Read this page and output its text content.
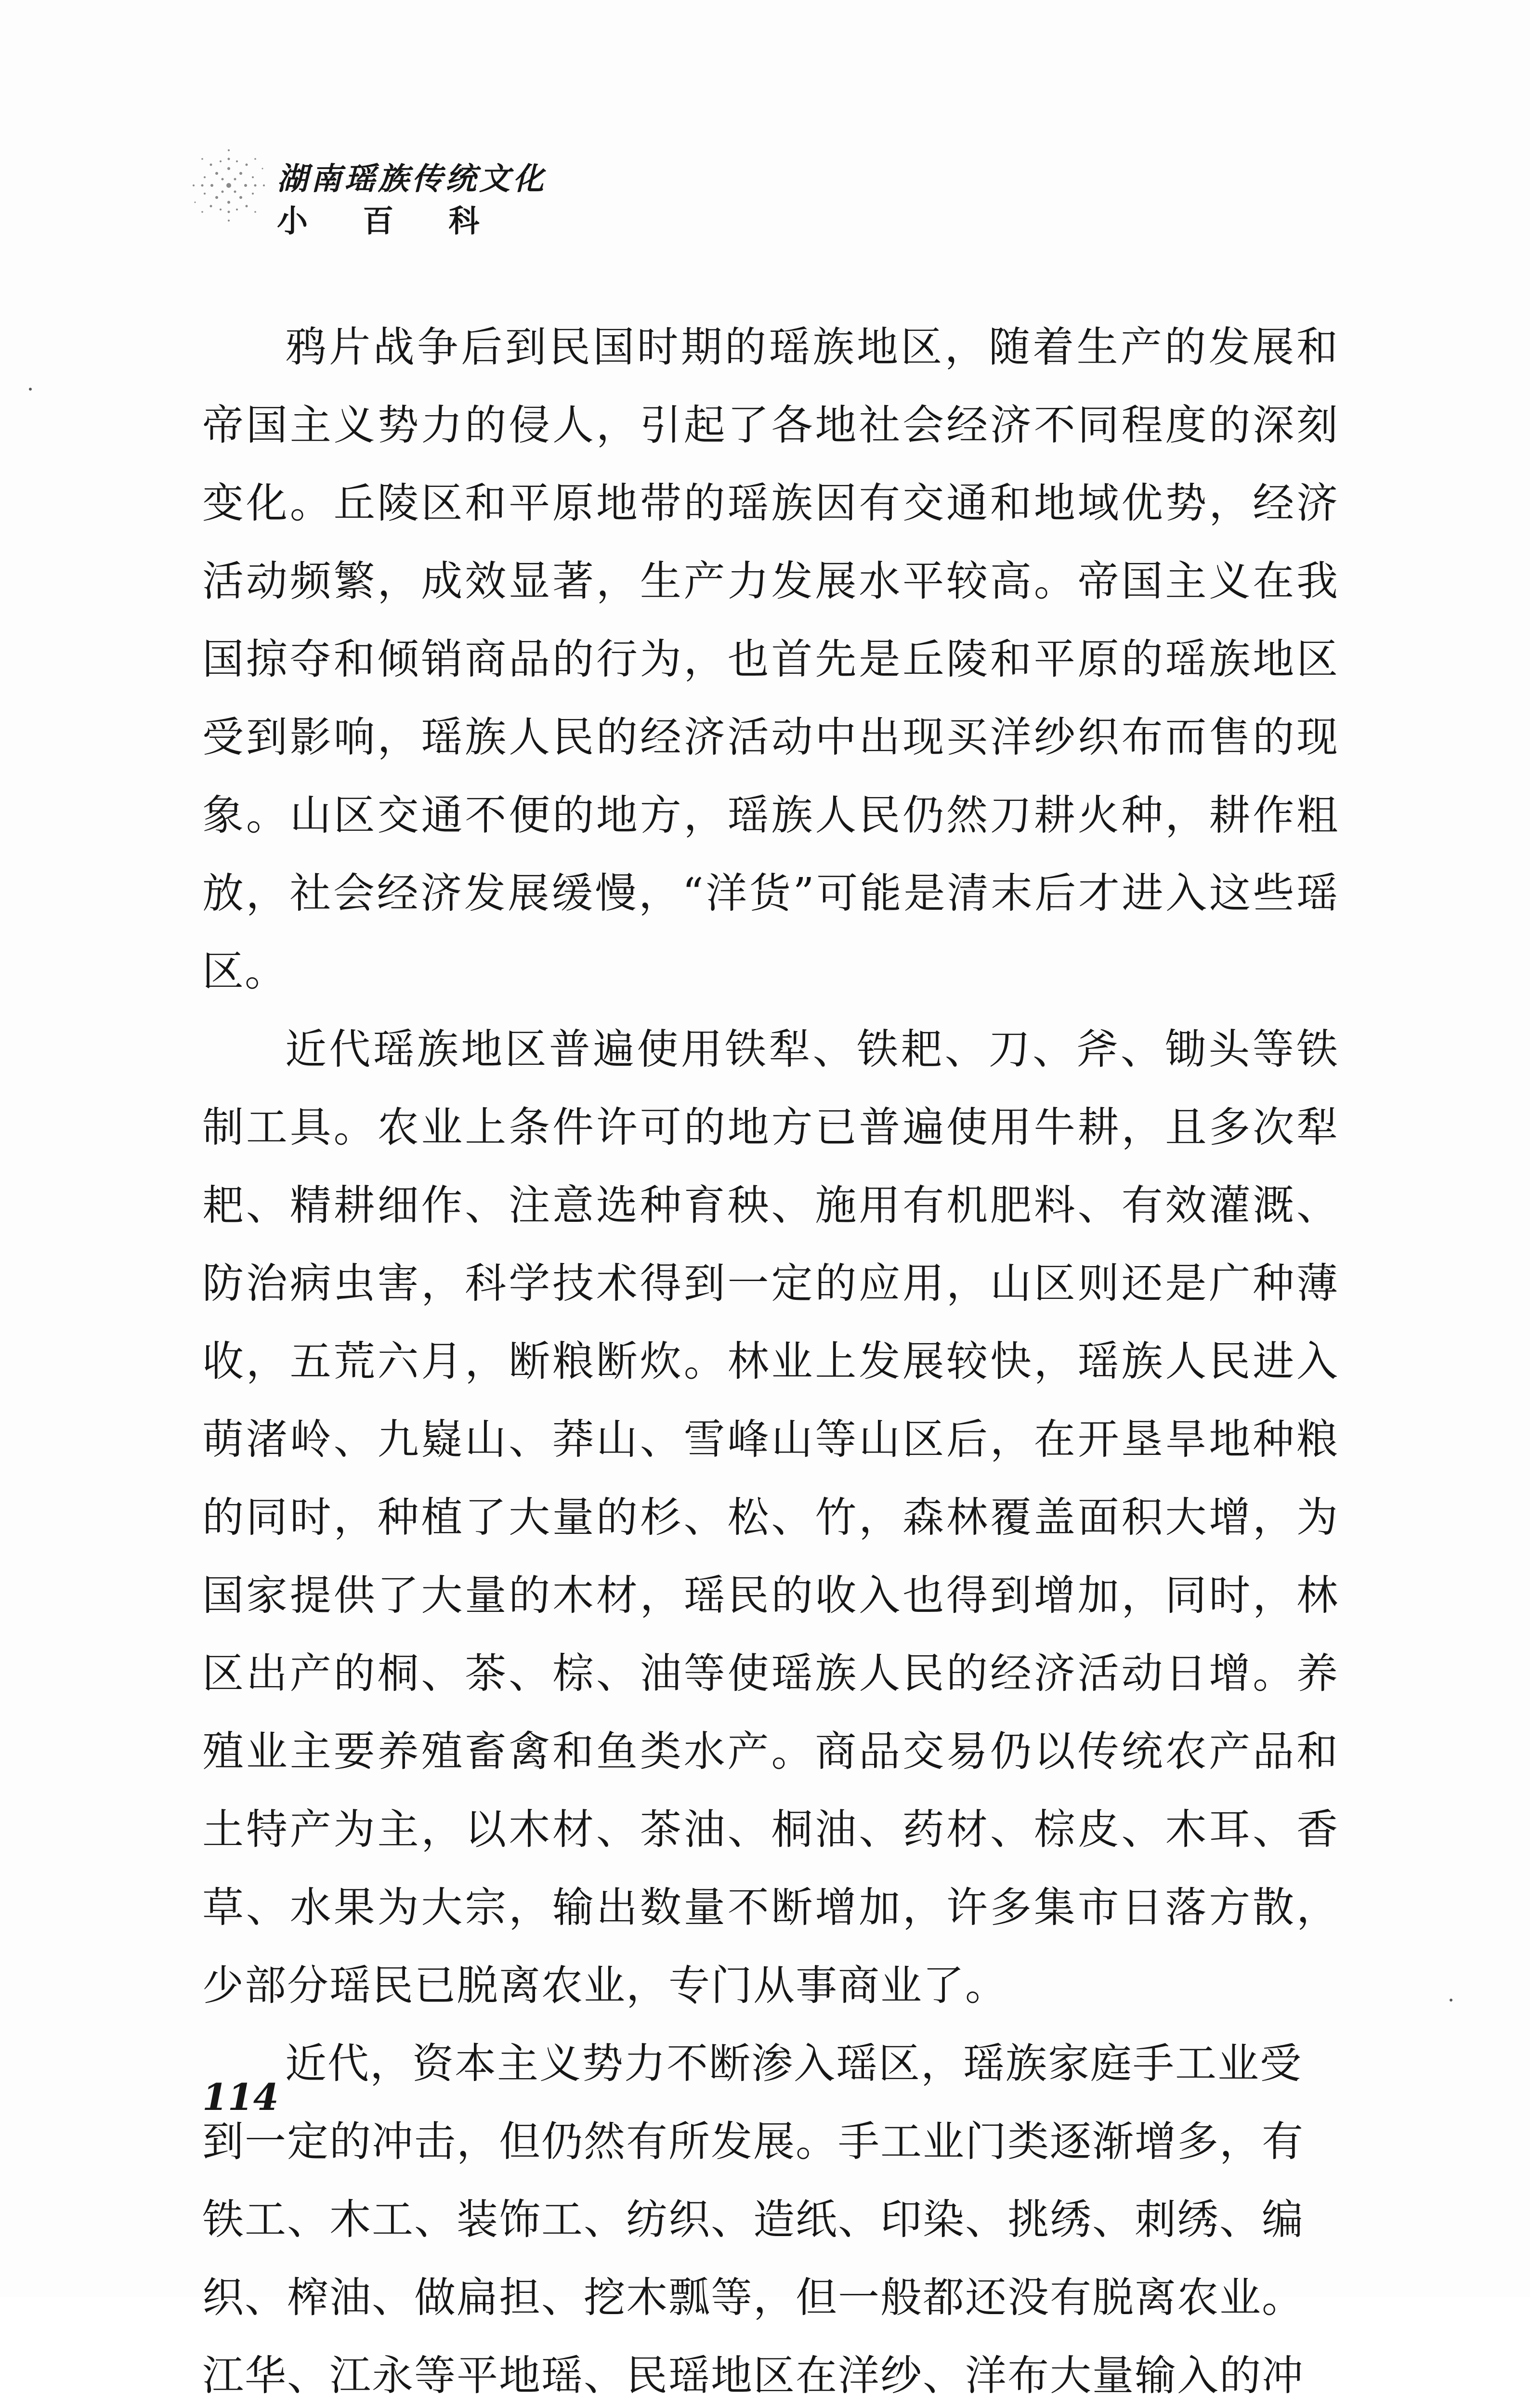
湖南瑶族传统文化
小 百 科

鸦片战争后到民国时期的瑶族地区，随着生产的发展和帝国主义势力的侵人，引起了各地社会经济不同程度的深刻变化。丘陵区和平原地带的瑶族因有交通和地域优势，经济活动频繁，成效显著，生产力发展水平较高。帝国主义在我国掠夺和倾销商品的行为，也首先是丘陵和平原的瑶族地区受到影响，瑶族人民的经济活动中出现买洋纱织布而售的现象。山区交通不便的地方，瑶族人民仍然刀耕火种，耕作粗放，社会经济发展缓慢，“洋货”可能是清末后才进入这些瑶区。

近代瑶族地区普遍使用铁犁、铁耙、刀、斧、锄头等铁制工具。农业上条件许可的地方已普遍使用牛耕，且多次犁耙、精耕细作、注意选种育秧、施用有机肥料、有效灌溉、防治病虫害，科学技术得到一定的应用，山区则还是广种薄收，五荒六月，断粮断炊。林业上发展较快，瑶族人民进入萌渚岭、九嶷山、莽山、雪峰山等山区后，在开垦旱地种粮的同时，种植了大量的杉、松、竹，森林覆盖面积大增，为国家提供了大量的木材，瑶民的收入也得到增加，同时，林区出产的桐、茶、棕、油等使瑶族人民的经济活动日增。养殖业主要养殖畜禽和鱼类水产。商品交易仍以传统农产品和土特产为主，以木材、茶油、桐油、药材、棕皮、木耳、香草、水果为大宗，输出数量不断增加，许多集市日落方散，少部分瑶民已脱离农业，专门从事商业了。

近代，资本主义势力不断渗入瑶区，瑶族家庭手工业受到一定的冲击，但仍然有所发展。手工业门类逐渐增多，有铁工、木工、装饰工、纺织、造纸、印染、挑绣、刺绣、编织、榨油、做扁担、挖木瓢等，但一般都还没有脱离农业。江华、江永等平地瑶、民瑶地区在洋纱、洋布大量输入的冲

114
